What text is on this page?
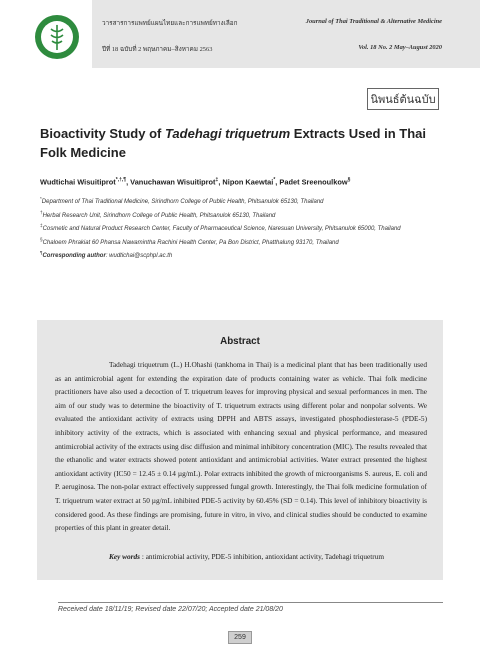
วารสารการแพทย์แผนไทยและการแพทย์ทางเลือก	Journal of Thai Traditional & Alternative Medicine
ปีที่ 18 ฉบับที่ 2 พฤษภาคม–สิงหาคม 2563	Vol. 18 No. 2 May–August 2020
นิพนธ์ต้นฉบับ
Bioactivity Study of Tadehagi triquetrum Extracts Used in Thai Folk Medicine
Wudtichai Wisuitiprot*,†,¶, Vanuchawan Wisuitiprot‡, Nipon Kaewtai*, Padet Sreenoulkow§
*Department of Thai Traditional Medicine, Sirindhorn College of Public Health, Phitsanulok 65130, Thailand
†Herbal Research Unit, Sirindhorn College of Public Health, Phitsanulok 65130, Thailand
‡Cosmetic and Natural Product Research Center, Faculty of Pharmaceutical Science, Naresuan University, Phitsanulok 65000, Thailand
§Chaloem Phrakiat 60 Phansa Nawamintha Rachini Health Center, Pa Bon District, Phatthalung 93170, Thailand
¶Corresponding author: wudtichai@scphpl.ac.th
Abstract
Tadehagi triquetrum (L.) H.Ohashi (tankhoma in Thai) is a medicinal plant that has been traditionally used as an antimicrobial agent for extending the expiration date of products containing water as vehicle. Thai folk medicine practitioners have also used a decoction of T. triquetrum leaves for improving physical and sexual performances in men. The aim of our study was to determine the bioactivity of T. triquetrum extracts using different polar and nonpolar solvents. We evaluated the antioxidant activity of extracts using DPPH and ABTS assays, investigated phosphodiesterase-5 (PDE-5) inhibitory activity of the extracts, which is associated with enhancing sexual and physical performance, and measured antimicrobial activity of the extracts using disc diffusion and minimal inhibitory concentration (MIC). The results revealed that the ethanolic and water extracts showed potent antioxidant and antimicrobial activities. Water extract presented the highest antioxidant activity (IC50 = 12.45 ± 0.14 µg/mL). Polar extracts inhibited the growth of microorganisms S. aureus, E. coli and P. aeruginosa. The non-polar extract effectively suppressed fungal growth. Interestingly, the Thai folk medicine formulation of T. triquetrum water extract at 50 µg/mL inhibited PDE-5 activity by 60.45% (SD = 0.14). This level of inhibitory bioactivity is considered good. As these findings are promising, future in vitro, in vivo, and clinical studies should be conducted to examine properties of this plant in greater detail.
Key words : antimicrobial activity, PDE-5 inhibition, antioxidant activity, Tadehagi triquetrum
Received date 18/11/19; Revised date 22/07/20; Accepted date 21/08/20
259
